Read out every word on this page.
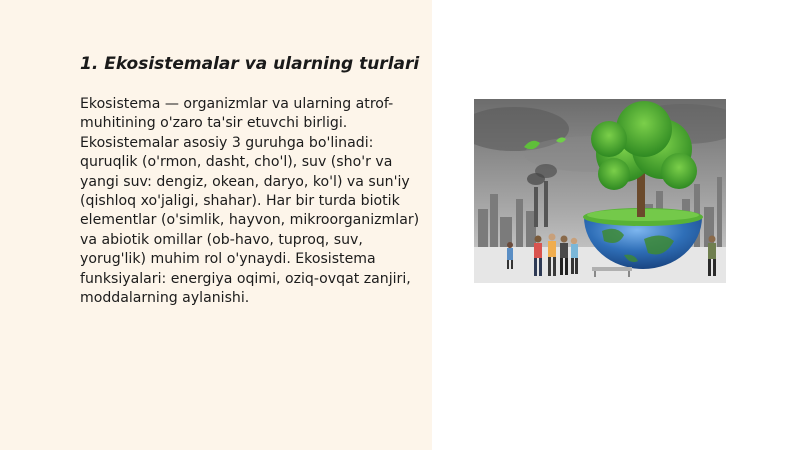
1. Ekosistemalar va ularning turlari

Ekosistema — organizmlar va ularning atrof-muhitining o'zaro ta'sir etuvchi birligi. Ekosistemalar asosiy 3 guruhga bo'linadi: quruqlik (o'rmon, dasht, cho'l), suv (sho'r va yangi suv: dengiz, okean, daryo, ko'l) va sun'iy (qishloq xo'jaligi, shahar). Har bir turda biotik elementlar (o'simlik, hayvon, mikroorganizmlar) va abiotik omillar (ob-havo, tuproq, suv, yorug'lik) muhim rol o'ynaydi. Ekosistema funksiyalari: energiya oqimi, oziq-ovqat zanjiri, moddalarning aylanishi.
